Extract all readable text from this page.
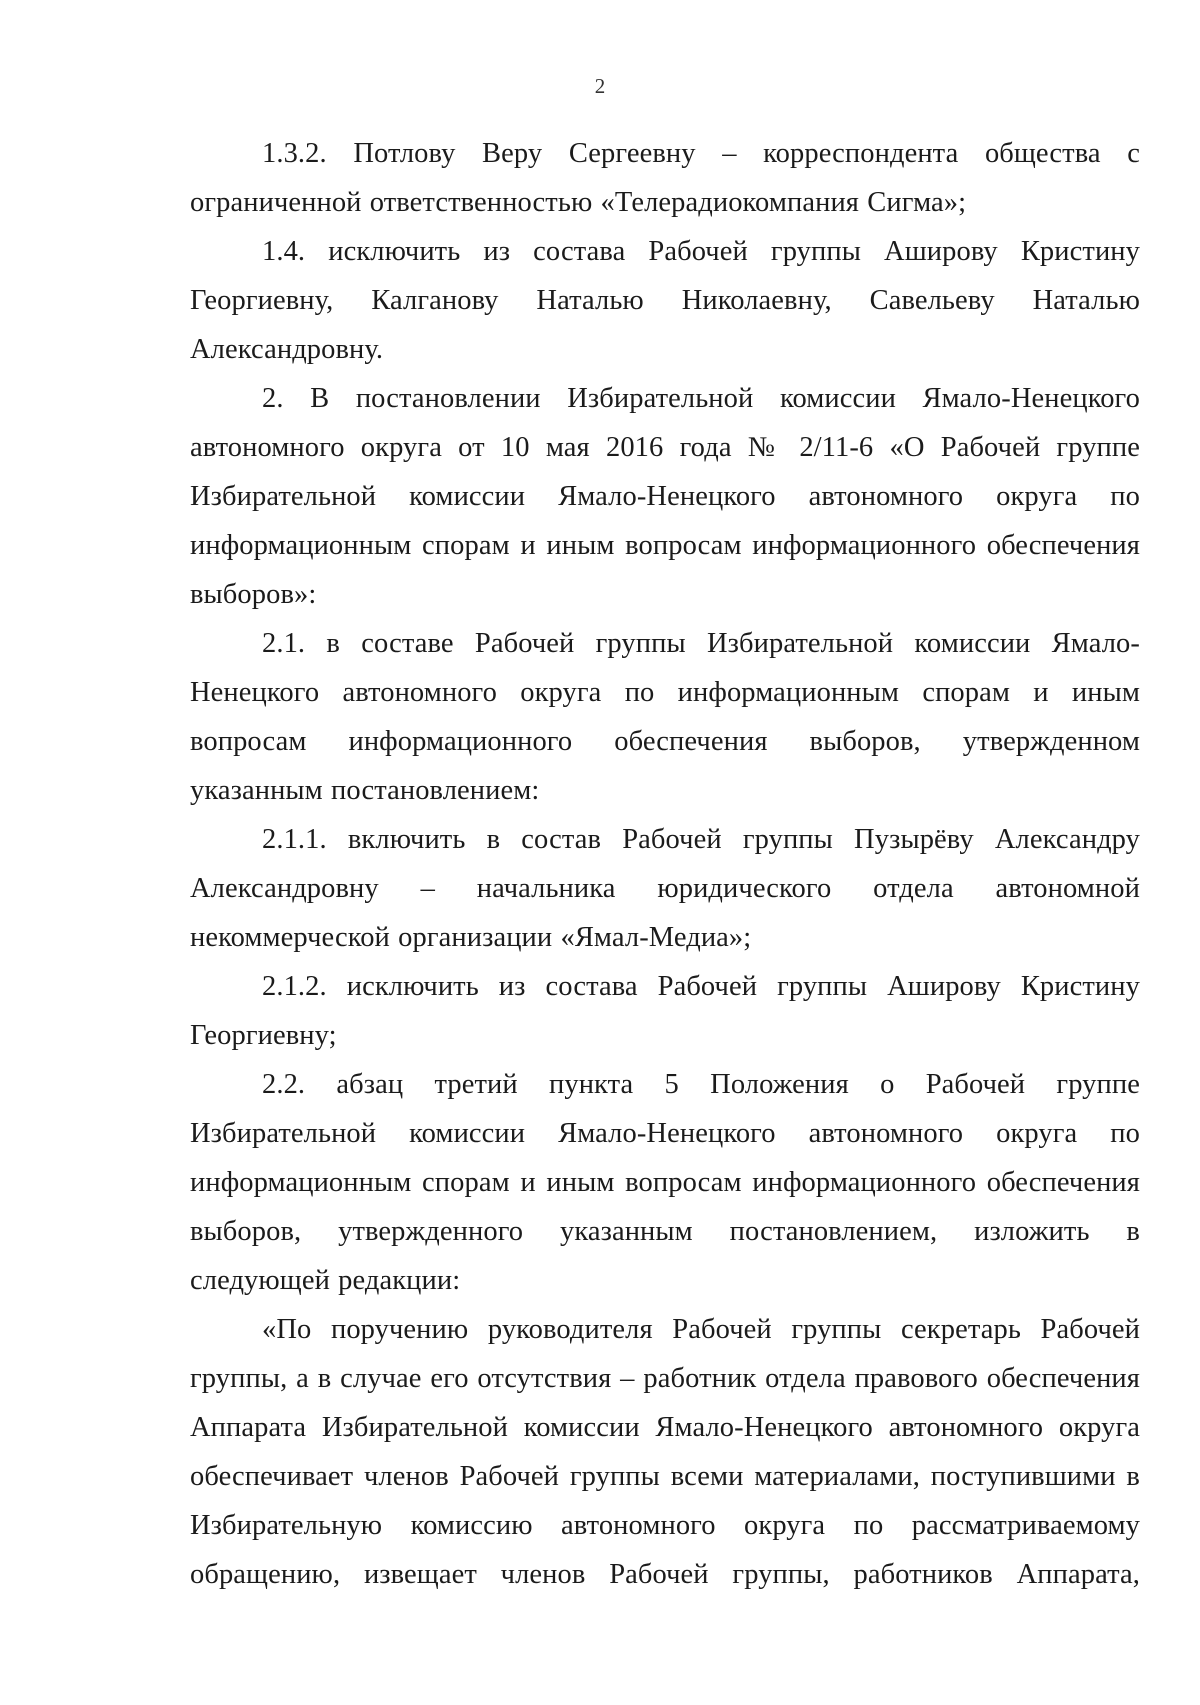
2

1.3.2. Потлову Веру Сергеевну – корреспондента общества с ограниченной ответственностью «Телерадиокомпания Сигма»;

1.4. исключить из состава Рабочей группы Аширову Кристину Георгиевну, Калганову Наталью Николаевну, Савельеву Наталью Александровну.

2. В постановлении Избирательной комиссии Ямало-Ненецкого автономного округа от 10 мая 2016 года № 2/11-6 «О Рабочей группе Избирательной комиссии Ямало-Ненецкого автономного округа по информационным спорам и иным вопросам информационного обеспечения выборов»:

2.1. в составе Рабочей группы Избирательной комиссии Ямало-Ненецкого автономного округа по информационным спорам и иным вопросам информационного обеспечения выборов, утвержденном указанным постановлением:

2.1.1. включить в состав Рабочей группы Пузырёву Александру Александровну – начальника юридического отдела автономной некоммерческой организации «Ямал-Медиа»;

2.1.2. исключить из состава Рабочей группы Аширову Кристину Георгиевну;

2.2. абзац третий пункта 5 Положения о Рабочей группе Избирательной комиссии Ямало-Ненецкого автономного округа по информационным спорам и иным вопросам информационного обеспечения выборов, утвержденного указанным постановлением, изложить в следующей редакции:

«По поручению руководителя Рабочей группы секретарь Рабочей группы, а в случае его отсутствия – работник отдела правового обеспечения Аппарата Избирательной комиссии Ямало-Ненецкого автономного округа обеспечивает членов Рабочей группы всеми материалами, поступившими в Избирательную комиссию автономного округа по рассматриваемому обращению, извещает членов Рабочей группы, работников Аппарата,
